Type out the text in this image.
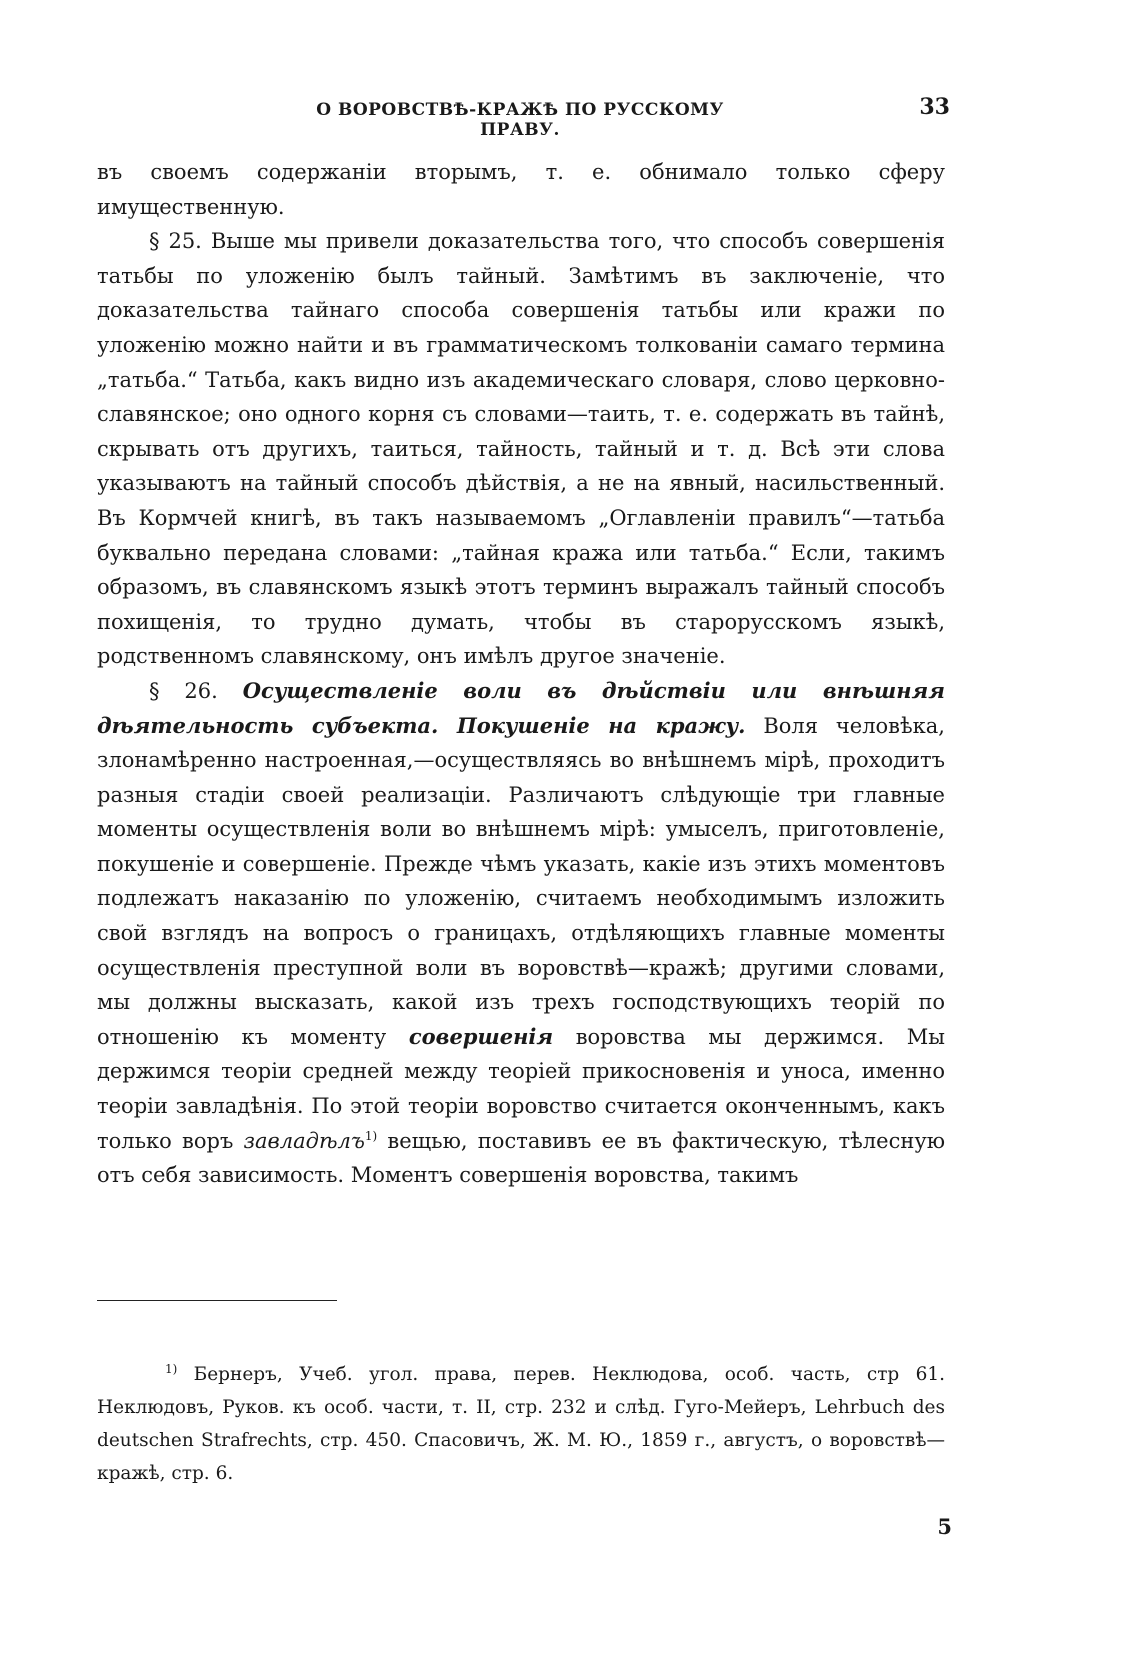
О ВОРОВСТВѢ-КРАЖѢ ПО РУССКОМУ ПРАВУ.
33

въ своемъ содержаніи вторымъ, т. е. обнимало только сферу имущественную.

§ 25. Выше мы привели доказательства того, что способъ совершенія татьбы по уложенію былъ тайный. Замѣтимъ въ заключеніе, что доказательства тайнаго способа совершенія татьбы или кражи по уложенію можно найти и въ грамматическомъ толкованіи самаго термина „татьба.“ Татьба, какъ видно изъ академическаго словаря, слово церковно-славянское; оно одного корня съ словами—таить, т. е. содержать въ тайнѣ, скрывать отъ другихъ, таиться, тайность, тайный и т. д. Всѣ эти слова указываютъ на тайный способъ дѣйствія, а не на явный, насильственный. Въ Кормчей книгѣ, въ такъ называемомъ „Оглавленіи правилъ“—татьба буквально передана словами: „тайная кража или татьба.“ Если, такимъ образомъ, въ славянскомъ языкѣ этотъ терминъ выражалъ тайный способъ похищенія, то трудно думать, чтобы въ старорусскомъ языкѣ, родственномъ славянскому, онъ имѣлъ другое значеніе.

§ 26. Осуществленіе воли въ дѣйствіи или внѣшняя дѣятельность субъекта. Покушеніе на кражу. Воля человѣка, злонамѣренно настроенная,—осуществляясь во внѣшнемъ мірѣ, проходитъ разныя стадіи своей реализаціи. Различаютъ слѣдующіе три главные моменты осуществленія воли во внѣшнемъ мірѣ: умыселъ, приготовленіе, покушеніе и совершеніе. Прежде чѣмъ указать, какіе изъ этихъ моментовъ подлежатъ наказанію по уложенію, считаемъ необходимымъ изложить свой взглядъ на вопросъ о границахъ, отдѣляющихъ главные моменты осуществленія преступной воли въ воровствѣ—кражѣ; другими словами, мы должны высказать, какой изъ трехъ господствующихъ теорій по отношенію къ моменту совершенія воровства мы держимся. Мы держимся теоріи средней между теоріей прикосновенія и уноса, именно теоріи завладѣнія. По этой теоріи воровство считается оконченнымъ, какъ только воръ завладѣлъ$^{1)}$ вещью, поставивъ ее въ фактическую, тѣлесную отъ себя зависимость. Моментъ совершенія воровства, такимъ

$^{1)}$ Бернеръ, Учеб. угол. права, перев. Неклюдова, особ. часть, стр 61. Неклюдовъ, Руков. къ особ. части, т. II, стр. 232 и слѣд. Гуго-Мейеръ, Lehrbuch des deutschen Strafrechts, стр. 450. Спасовичъ, Ж. М. Ю., 1859 г., августъ, о воровствѣ—кражѣ, стр. 6.

5
